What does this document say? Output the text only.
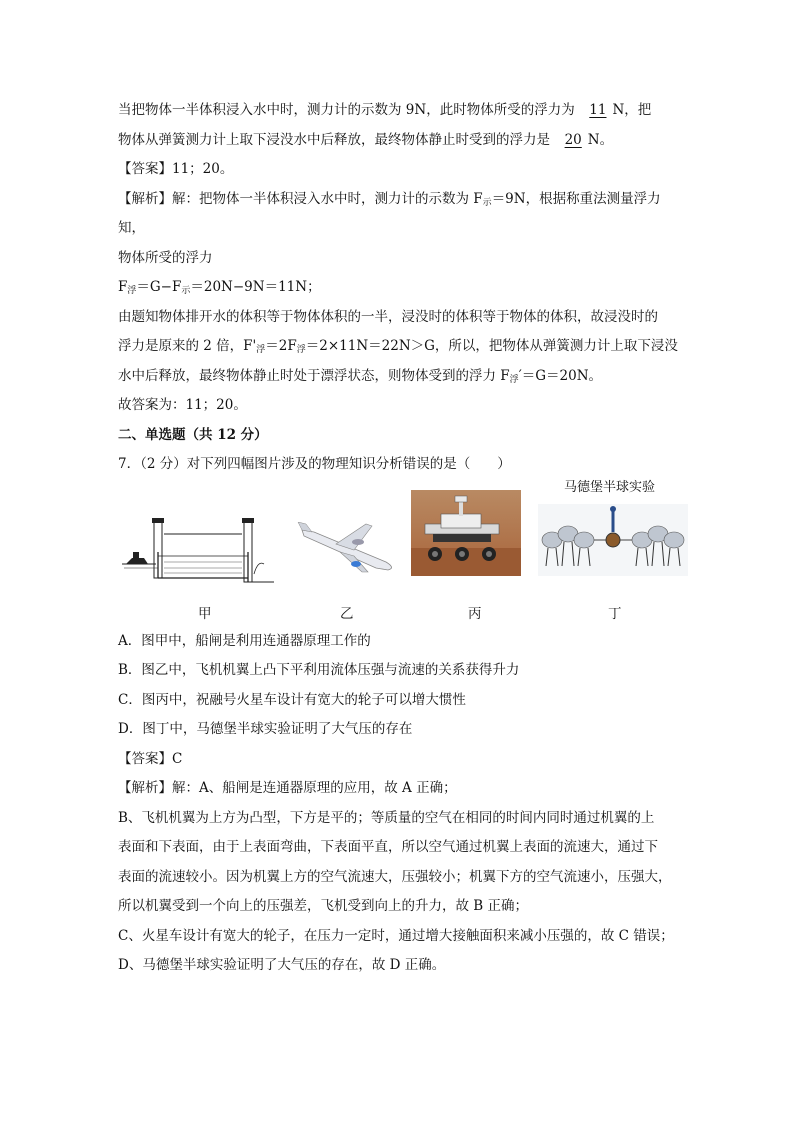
当把物体一半体积浸入水中时，测力计的示数为 9N，此时物体所受的浮力为 11 N，把
物体从弹簧测力计上取下浸没水中后释放，最终物体静止时受到的浮力是 20 N。
【答案】11；20。
【解析】解：把物体一半体积浸入水中时，测力计的示数为 $F_示=9N$，根据称重法测量浮力
知，
物体所受的浮力
$F_浮=G-F_示=20N-9N=11N$；
由题知物体排开水的体积等于物体体积的一半，浸没时的体积等于物体的体积，故浸没时的
浮力是原来的 2 倍，$F'_浮=2F_浮=2\times 11N=22N>G$，所以，把物体从弹簧测力计上取下浸没
水中后释放，最终物体静止时处于漂浮状态，则物体受到的浮力 $F_浮'=G=20N$。
故答案为：11；20。
二、单选题（共 12 分）
7．（2 分）对下列四幅图片涉及的物理知识分析错误的是（　　）
马德堡半球实验
甲	乙	丙	丁
A．图甲中，船闸是利用连通器原理工作的
B．图乙中，飞机机翼上凸下平利用流体压强与流速的关系获得升力
C．图丙中，祝融号火星车设计有宽大的轮子可以增大惯性
D．图丁中，马德堡半球实验证明了大气压的存在
【答案】C
【解析】解：A、船闸是连通器原理的应用，故 A 正确；
B、飞机机翼为上方为凸型，下方是平的；等质量的空气在相同的时间内同时通过机翼的上
表面和下表面，由于上表面弯曲，下表面平直，所以空气通过机翼上表面的流速大，通过下
表面的流速较小。因为机翼上方的空气流速大，压强较小；机翼下方的空气流速小，压强大，
所以机翼受到一个向上的压强差，飞机受到向上的升力，故 B 正确；
C、火星车设计有宽大的轮子，在压力一定时，通过增大接触面积来减小压强的，故 C 错误；
D、马德堡半球实验证明了大气压的存在，故 D 正确。
